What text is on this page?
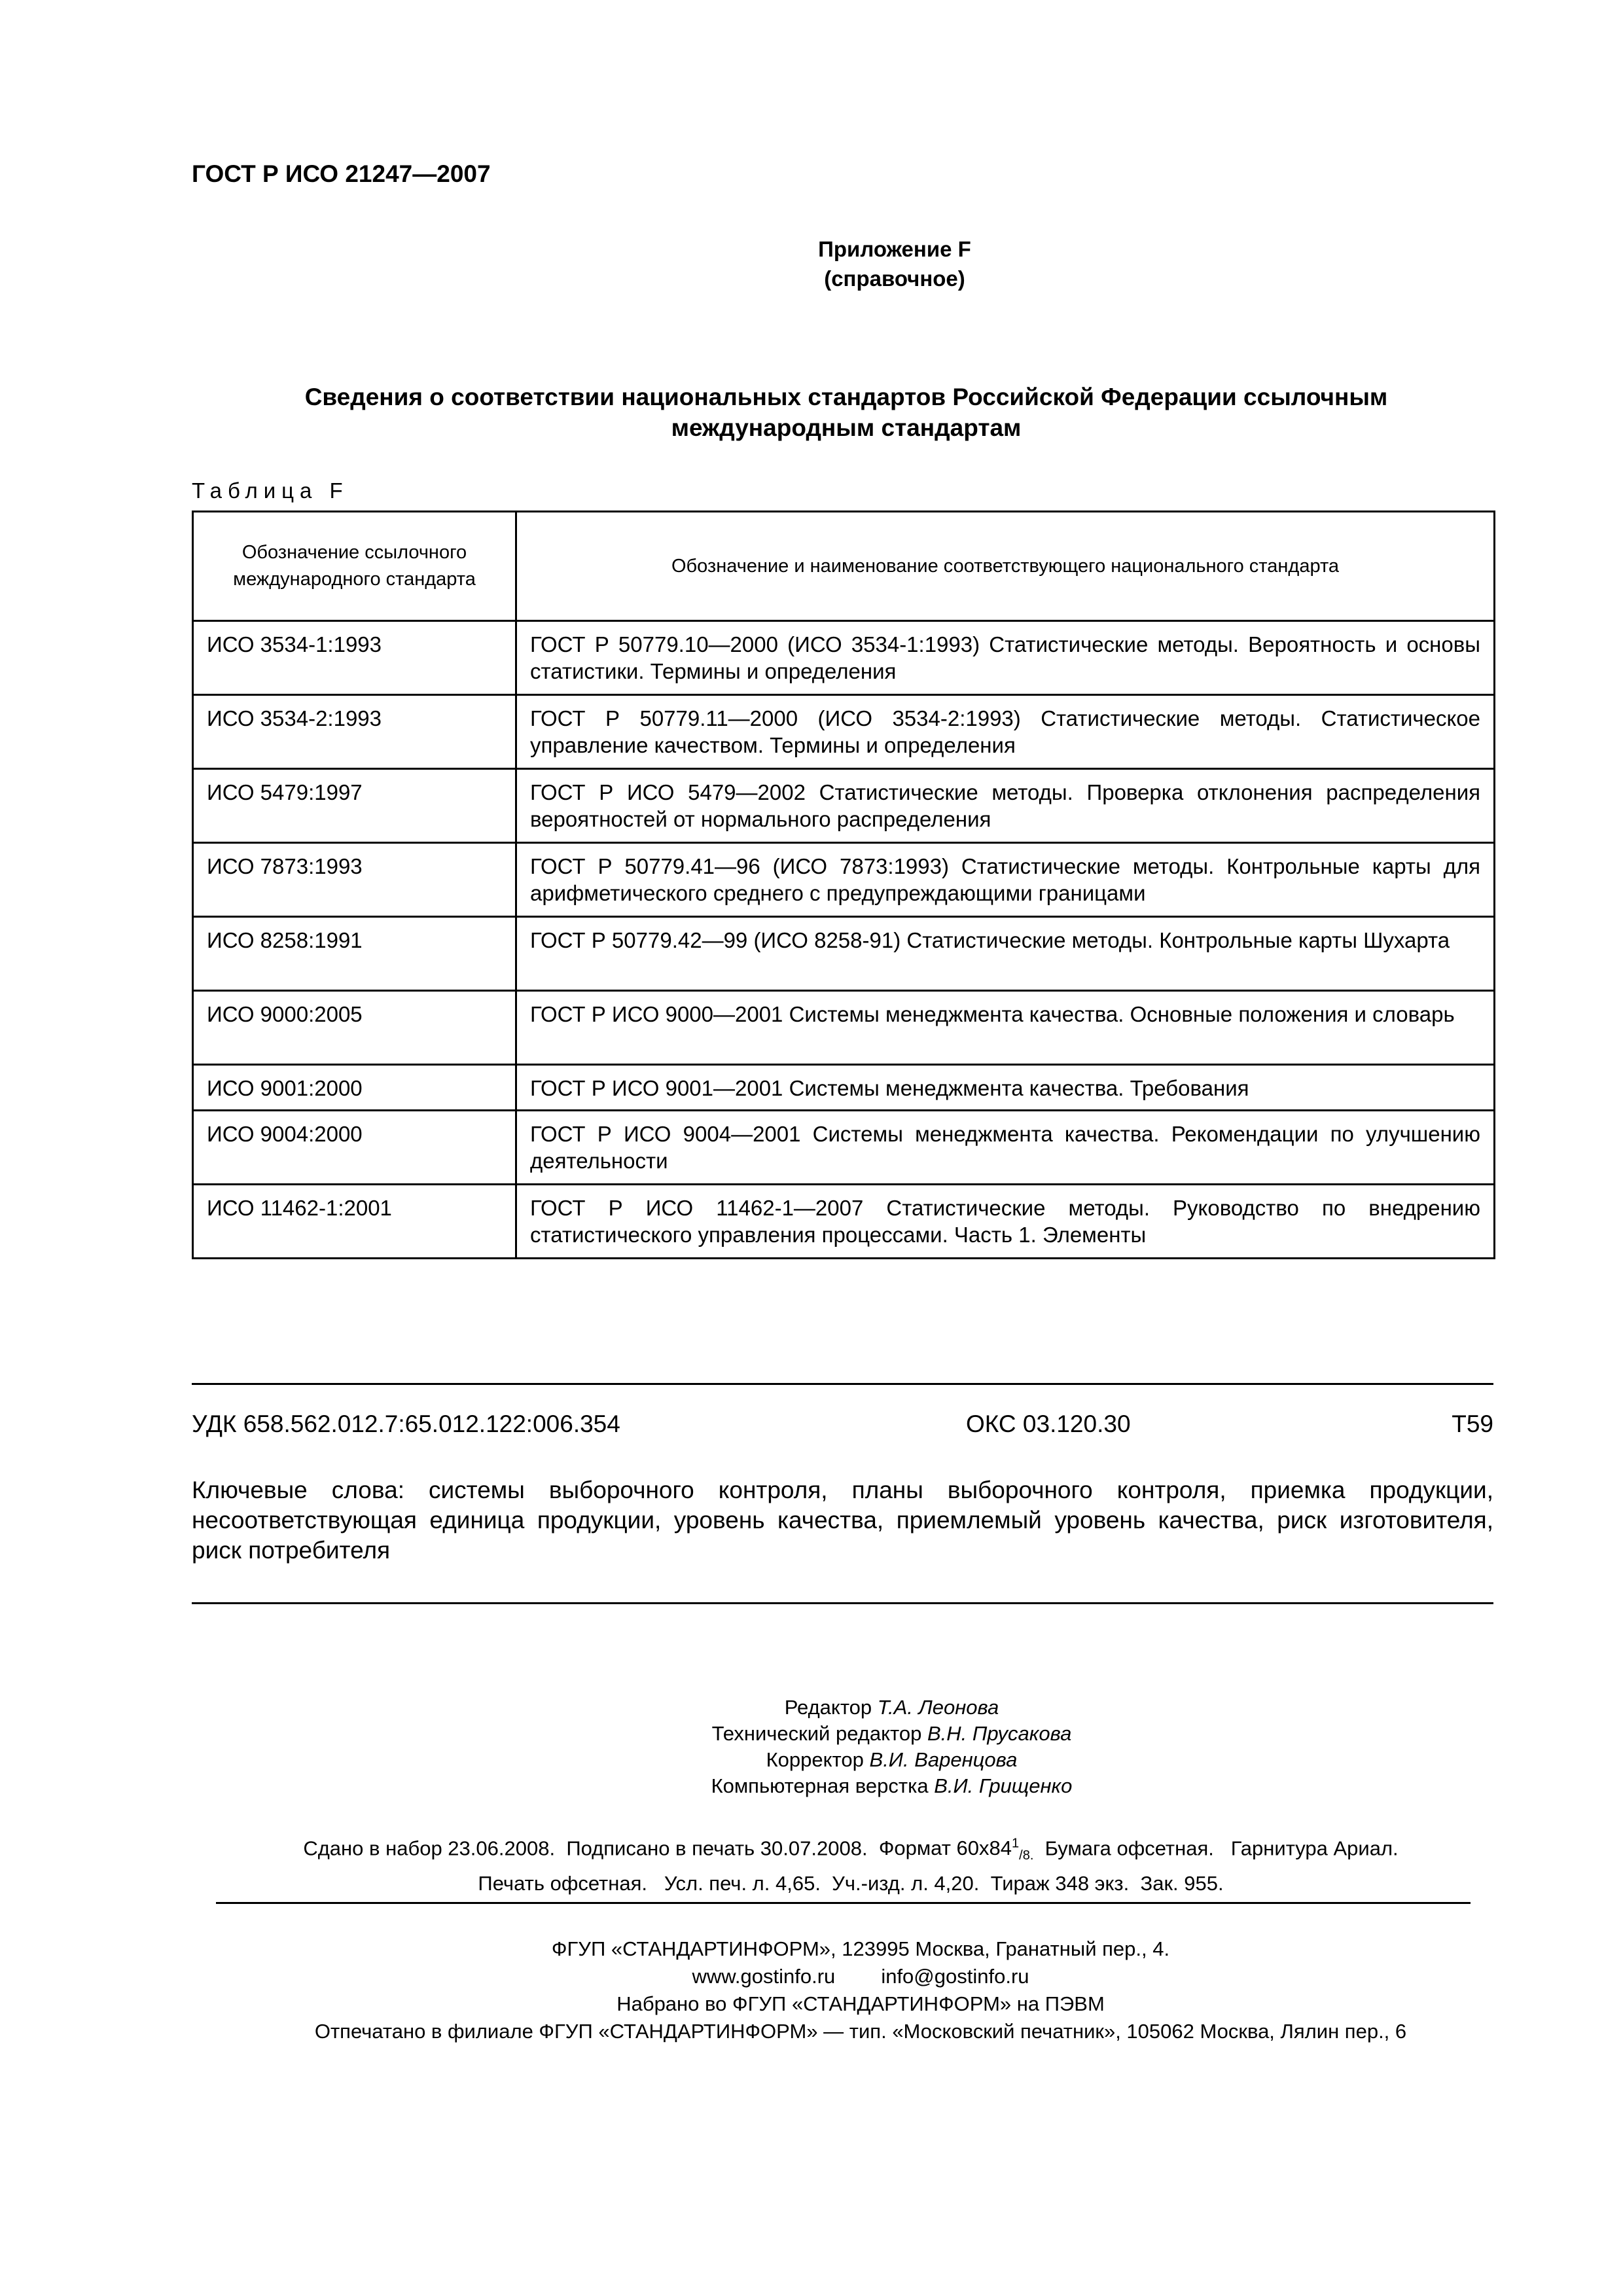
ГОСТ Р ИСО 21247—2007
Приложение F
(справочное)
Сведения о соответствии национальных стандартов Российской Федерации ссылочным
международным стандартам
Таблица F
Обозначение ссылочного международного стандарта	Обозначение и наименование соответствующего национального стандарта
ИСО 3534-1:1993	ГОСТ Р 50779.10—2000 (ИСО 3534-1:1993) Статистические методы. Вероятность и основы статистики. Термины и определения
ИСО 3534-2:1993	ГОСТ Р 50779.11—2000 (ИСО 3534-2:1993) Статистические методы. Статистическое управление качеством. Термины и определения
ИСО 5479:1997	ГОСТ Р ИСО 5479—2002 Статистические методы. Проверка отклонения распределения вероятностей от нормального распределения
ИСО 7873:1993	ГОСТ Р 50779.41—96 (ИСО 7873:1993) Статистические методы. Контрольные карты для арифметического среднего с предупреждающими границами
ИСО 8258:1991	ГОСТ Р 50779.42—99 (ИСО 8258-91) Статистические методы. Контрольные карты Шухарта
ИСО 9000:2005	ГОСТ Р ИСО 9000—2001 Системы менеджмента качества. Основные положения и словарь
ИСО 9001:2000	ГОСТ Р ИСО 9001—2001 Системы менеджмента качества. Требования
ИСО 9004:2000	ГОСТ Р ИСО 9004—2001 Системы менеджмента качества. Рекомендации по улучшению деятельности
ИСО 11462-1:2001	ГОСТ Р ИСО 11462-1—2007 Статистические методы. Руководство по внедрению статистического управления процессами. Часть 1. Элементы
УДК 658.562.012.7:65.012.122:006.354	ОКС 03.120.30	Т59
Ключевые слова: системы выборочного контроля, планы выборочного контроля, приемка продукции, несоответствующая единица продукции, уровень качества, приемлемый уровень качества, риск изготовителя, риск потребителя
Редактор Т.А. Леонова
Технический редактор В.Н. Прусакова
Корректор В.И. Варенцова
Компьютерная верстка В.И. Грищенко
Сдано в набор 23.06.2008. Подписано в печать 30.07.2008. Формат $60x84^1_{/8.}$ Бумага офсетная. Гарнитура Ариал.
Печать офсетная. Усл. печ. л. 4,65. Уч.-изд. л. 4,20. Тираж 348 экз. Зак. 955.
ФГУП «СТАНДАРТИНФОРМ», 123995 Москва, Гранатный пер., 4.
www.gostinfo.ru info@gostinfo.ru
Набрано во ФГУП «СТАНДАРТИНФОРМ» на ПЭВМ
Отпечатано в филиале ФГУП «СТАНДАРТИНФОРМ» — тип. «Московский печатник», 105062 Москва, Лялин пер., 6
